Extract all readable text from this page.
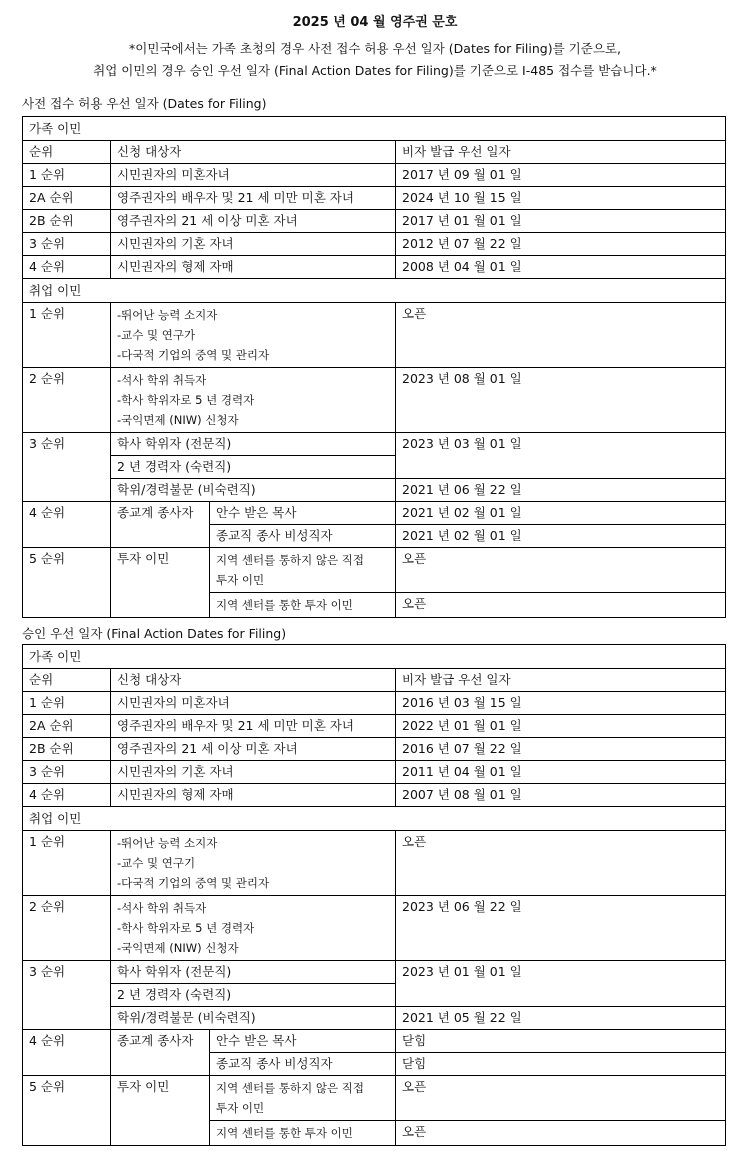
2025 년 04 월 영주권 문호
*이민국에서는 가족 초청의 경우 사전 접수 허용 우선 일자 (Dates for Filing)를 기준으로,
취업 이민의 경우 승인 우선 일자 (Final Action Dates for Filing)를 기준으로 I-485 접수를 받습니다.*
사전 접수 허용 우선 일자 (Dates for Filing)
가족 이민			
순위	신청 대상자		비자 발급 우선 일자
1 순위	시민권자의 미혼자녀		2017 년 09 월 01 일
2A 순위	영주권자의 배우자 및 21 세 미만 미혼 자녀		2024 년 10 월 15 일
2B 순위	영주권자의 21 세 이상 미혼 자녀		2017 년 01 월 01 일
3 순위	시민권자의 기혼 자녀		2012 년 07 월 22 일
4 순위	시민권자의 형제 자매		2008 년 04 월 01 일
취업 이민			
1 순위	-뛰어난 능력 소지자
-교수 및 연구가
-다국적 기업의 중역 및 관리자		오픈
2 순위	-석사 학위 취득자
-학사 학위자로 5 년 경력자
-국익면제 (NIW) 신청자		2023 년 08 월 01 일
3 순위	학사 학위자 (전문직)		2023 년 03 월 01 일
	2 년 경력자 (숙련직)		
	학위/경력불문 (비숙련직)		2021 년 06 월 22 일
4 순위	종교계 종사자	안수 받은 목사	2021 년 02 월 01 일
		종교직 종사 비성직자	2021 년 02 월 01 일
5 순위	투자 이민	지역 센터를 통하지 않은 직접
투자 이민	오픈
		지역 센터를 통한 투자 이민	오픈
승인 우선 일자 (Final Action Dates for Filing)
가족 이민			
순위	신청 대상자		비자 발급 우선 일자
1 순위	시민권자의 미혼자녀		2016 년 03 월 15 일
2A 순위	영주권자의 배우자 및 21 세 미만 미혼 자녀		2022 년 01 월 01 일
2B 순위	영주권자의 21 세 이상 미혼 자녀		2016 년 07 월 22 일
3 순위	시민권자의 기혼 자녀		2011 년 04 월 01 일
4 순위	시민권자의 형제 자매		2007 년 08 월 01 일
취업 이민			
1 순위	-뛰어난 능력 소지자
-교수 및 연구기
-다국적 기업의 중역 및 관리자		오픈
2 순위	-석사 학위 취득자
-학사 학위자로 5 년 경력자
-국익면제 (NIW) 신청자		2023 년 06 월 22 일
3 순위	학사 학위자 (전문직)		2023 년 01 월 01 일
	2 년 경력자 (숙련직)		
	학위/경력불문 (비숙련직)		2021 년 05 월 22 일
4 순위	종교계 종사자	안수 받은 목사	닫힘
		종교직 종사 비성직자	닫힘
5 순위	투자 이민	지역 센터를 통하지 않은 직접
투자 이민	오픈
		지역 센터를 통한 투자 이민	오픈
